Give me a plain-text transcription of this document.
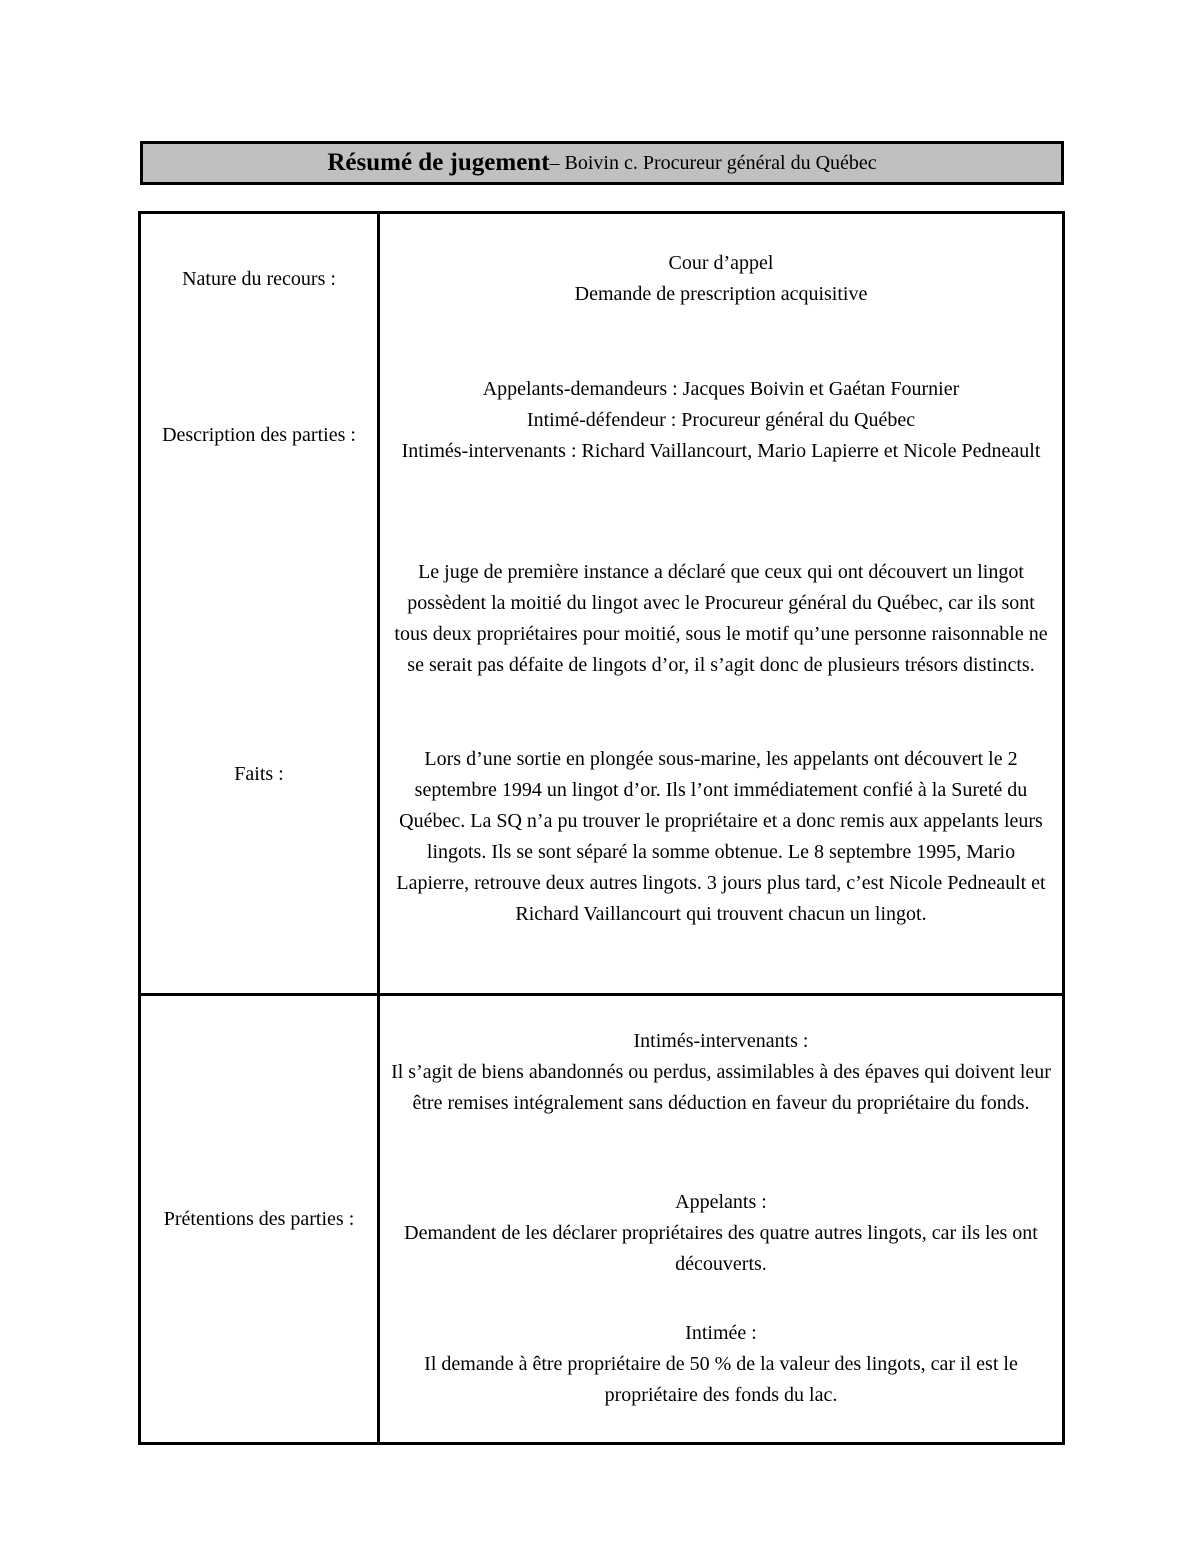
Résumé de jugement – Boivin c. Procureur général du Québec
Nature du recours :
Description des parties :
Faits :
Cour d’appel
Demande de prescription acquisitive
Appelants-demandeurs : Jacques Boivin et Gaétan Fournier
Intimé-défendeur : Procureur général du Québec
Intimés-intervenants : Richard Vaillancourt, Mario Lapierre et Nicole Pedneault
Le juge de première instance a déclaré que ceux qui ont découvert un lingot possèdent la moitié du lingot avec le Procureur général du Québec, car ils sont tous deux propriétaires pour moitié, sous le motif qu’une personne raisonnable ne se serait pas défaite de lingots d’or, il s’agit donc de plusieurs trésors distincts.
Lors d’une sortie en plongée sous-marine, les appelants ont découvert le 2 septembre 1994 un lingot d’or. Ils l’ont immédiatement confié à la Sureté du Québec. La SQ n’a pu trouver le propriétaire et a donc remis aux appelants leurs lingots. Ils se sont séparé la somme obtenue. Le 8 septembre 1995, Mario Lapierre, retrouve deux autres lingots. 3 jours plus tard, c’est Nicole Pedneault et Richard Vaillancourt qui trouvent chacun un lingot.
Prétentions des parties :
Intimés-intervenants :
Il s’agit de biens abandonnés ou perdus, assimilables à des épaves qui doivent leur être remises intégralement sans déduction en faveur du propriétaire du fonds.
Appelants :
Demandent de les déclarer propriétaires des quatre autres lingots, car ils les ont découverts.
Intimée :
Il demande à être propriétaire de 50 % de la valeur des lingots, car il est le propriétaire des fonds du lac.
